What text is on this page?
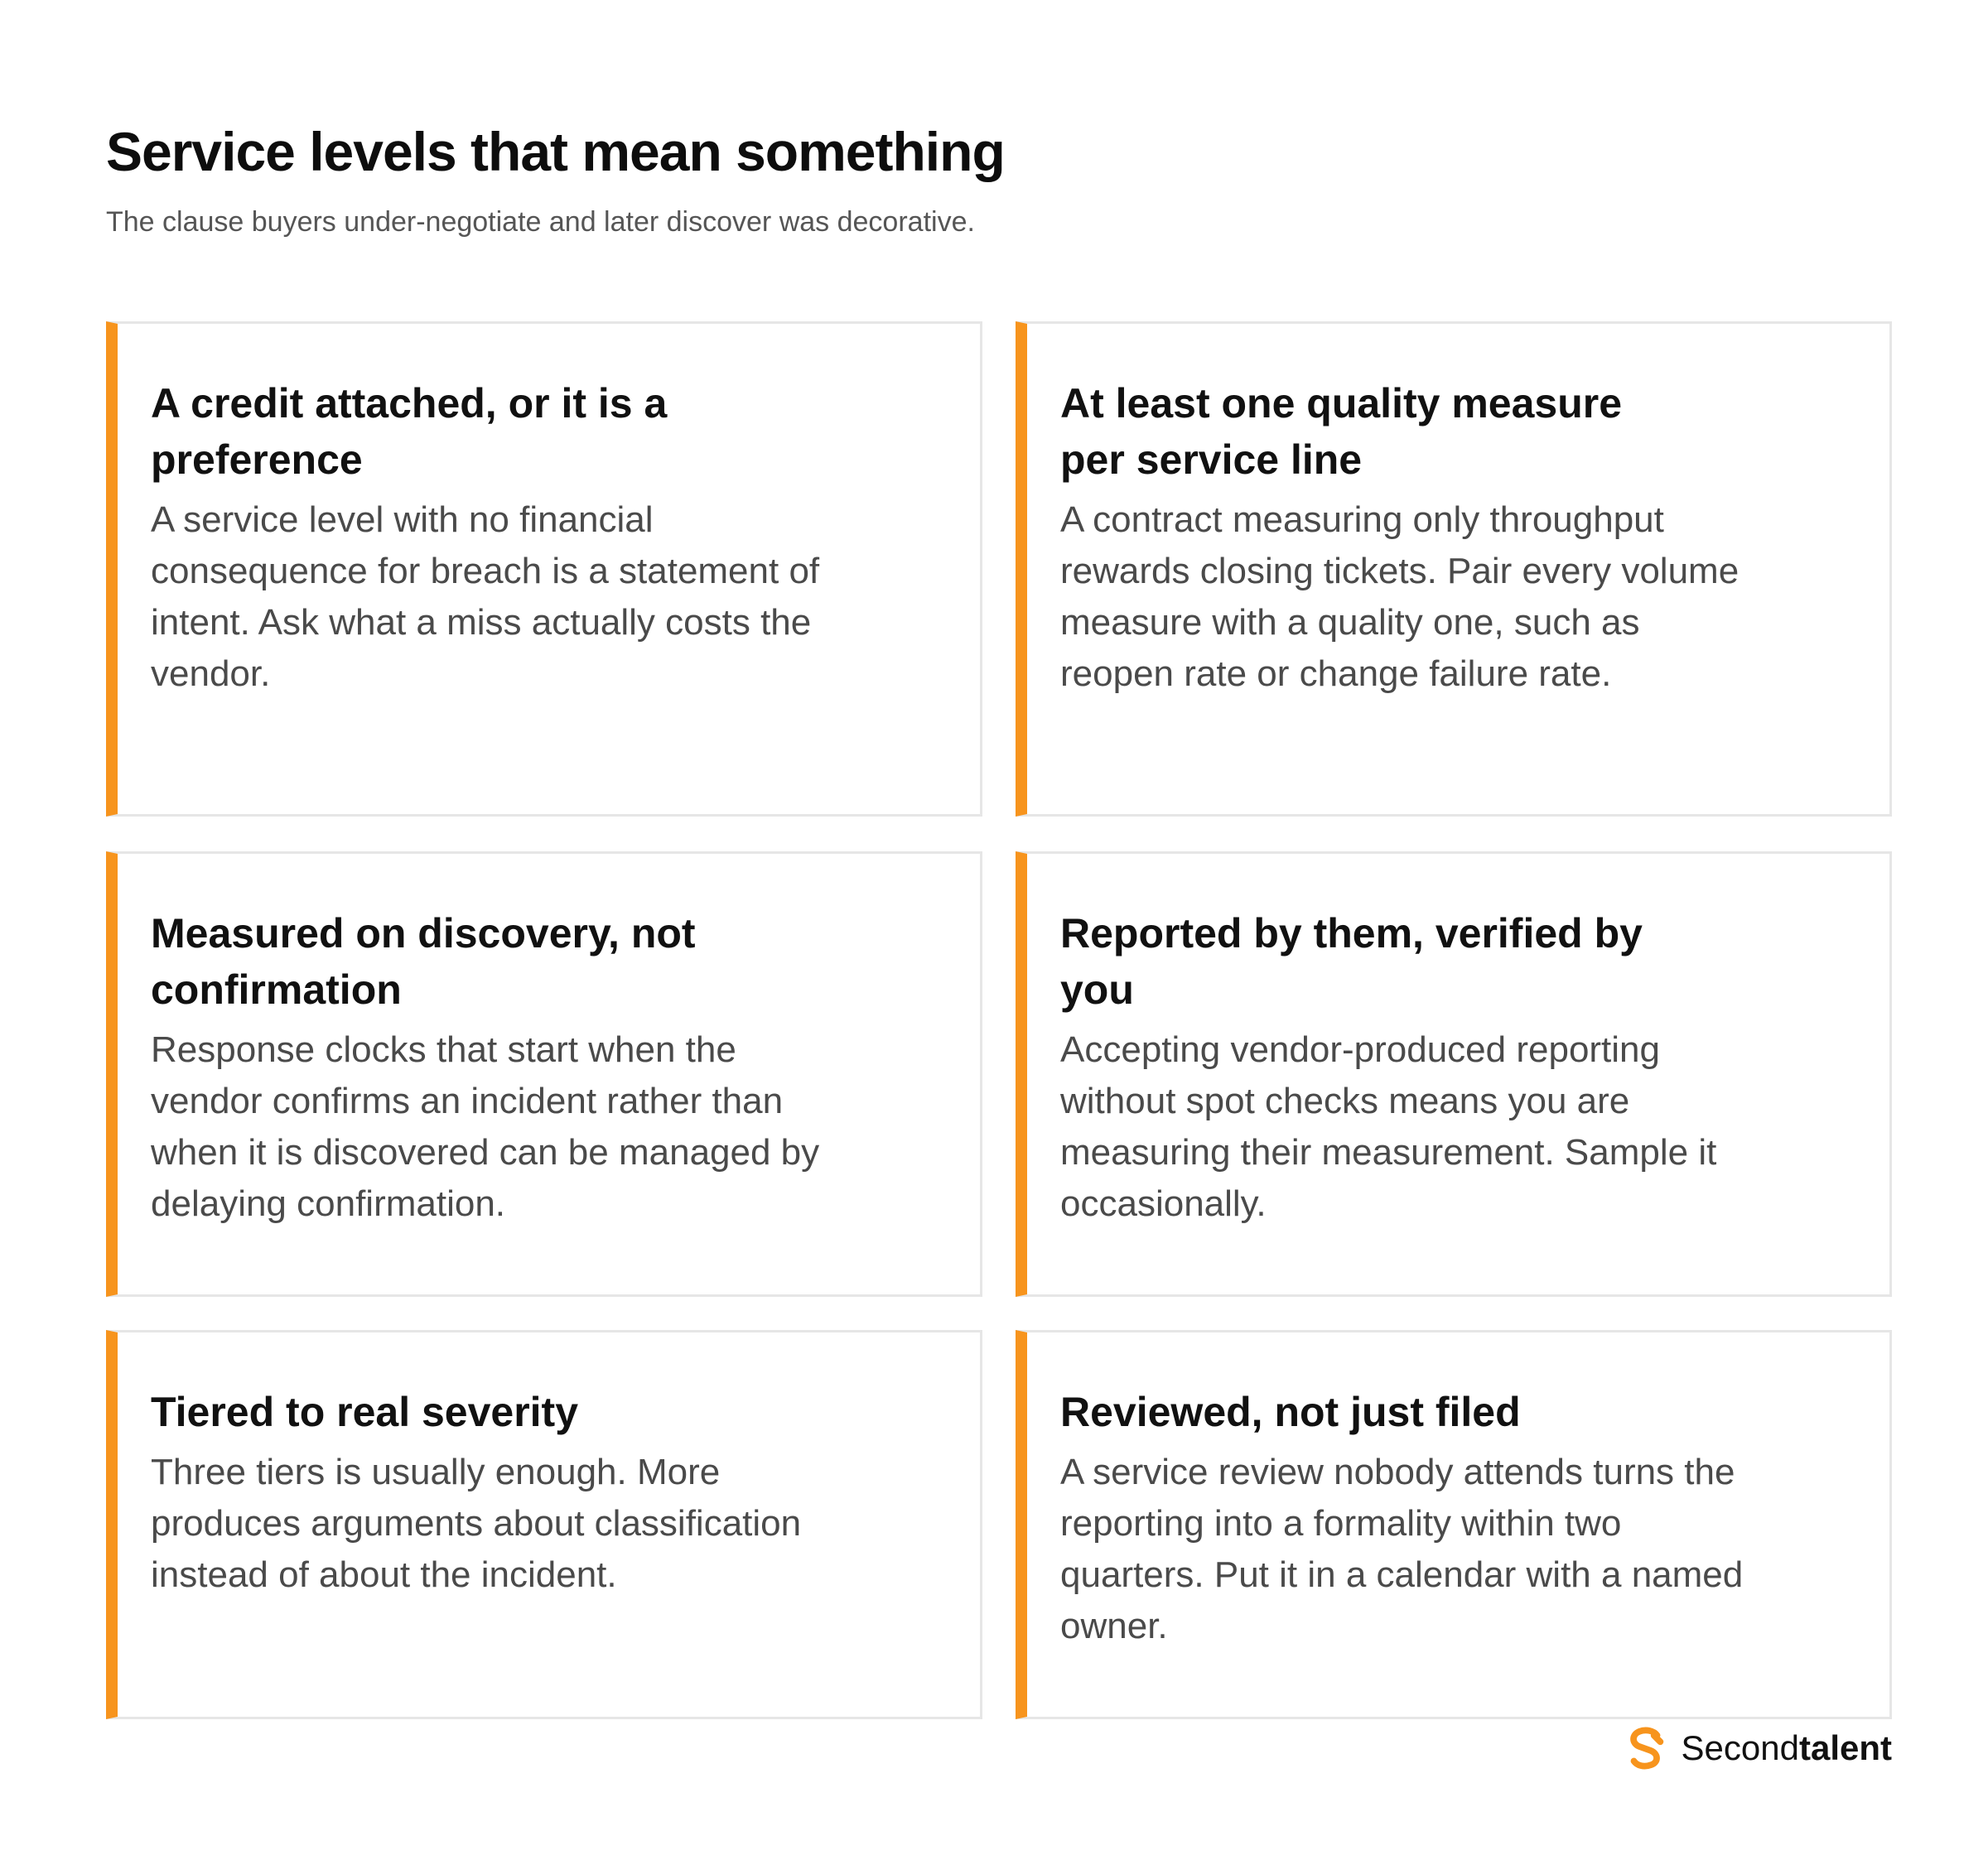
Service levels that mean something

The clause buyers under-negotiate and later discover was decorative.

A credit attached, or it is a preference

A service level with no financial consequence for breach is a statement of intent. Ask what a miss actually costs the vendor.

At least one quality measure per service line

A contract measuring only throughput rewards closing tickets. Pair every volume measure with a quality one, such as reopen rate or change failure rate.

Measured on discovery, not confirmation

Response clocks that start when the vendor confirms an incident rather than when it is discovered can be managed by delaying confirmation.

Reported by them, verified by you

Accepting vendor-produced reporting without spot checks means you are measuring their measurement. Sample it occasionally.

Tiered to real severity

Three tiers is usually enough. More produces arguments about classification instead of about the incident.

Reviewed, not just filed

A service review nobody attends turns the reporting into a formality within two quarters. Put it in a calendar with a named owner.

Secondtalent
